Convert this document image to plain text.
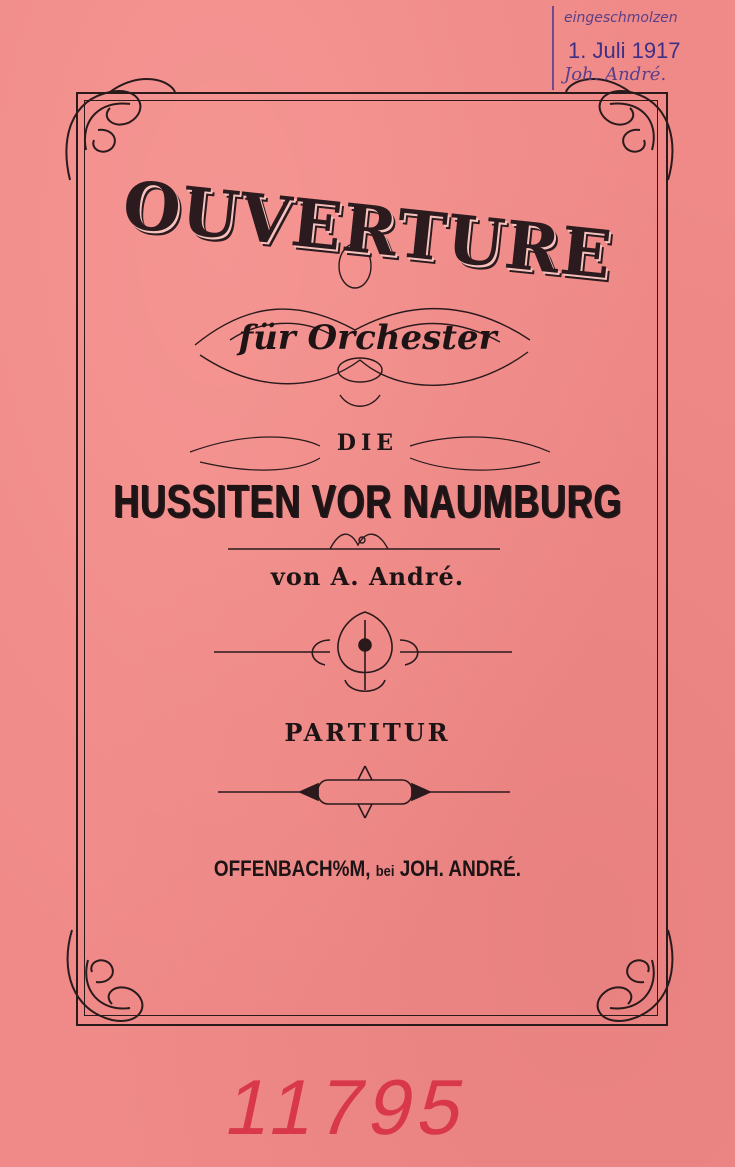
OUVERTURE
für Orchester
DIE
HUSSITEN VOR NAUMBURG
von A. André.
PARTITUR
OFFENBACH%M, bei JOH. ANDRÉ.
eingeschmolzen
1. Juli 1917
Joh. André.
11795
